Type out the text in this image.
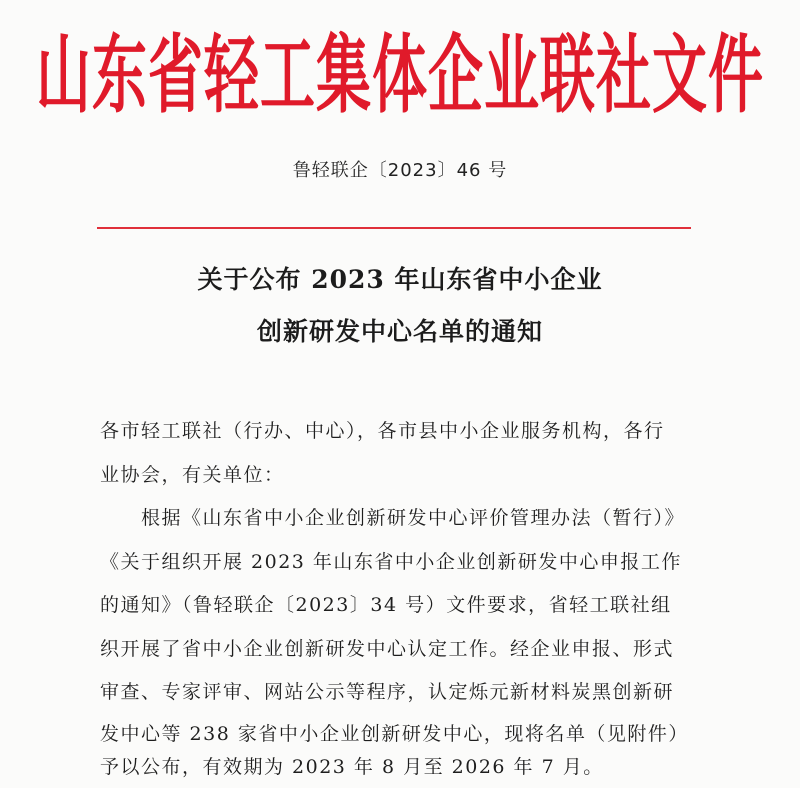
山东省轻工集体企业联社文件
鲁轻联企〔2023〕46 号
关于公布 2023 年山东省中小企业
创新研发中心名单的通知
各市轻工联社（行办、中心），各市县中小企业服务机构，各行
业协会，有关单位：
　　根据《山东省中小企业创新研发中心评价管理办法（暂行）》
《关于组织开展 2023 年山东省中小企业创新研发中心申报工作
的通知》（鲁轻联企〔2023〕34 号）文件要求，省轻工联社组
织开展了省中小企业创新研发中心认定工作。经企业申报、形式
审查、专家评审、网站公示等程序，认定烁元新材料炭黑创新研
发中心等 238 家省中小企业创新研发中心，现将名单（见附件）
予以公布，有效期为 2023 年 8 月至 2026 年 7 月。
